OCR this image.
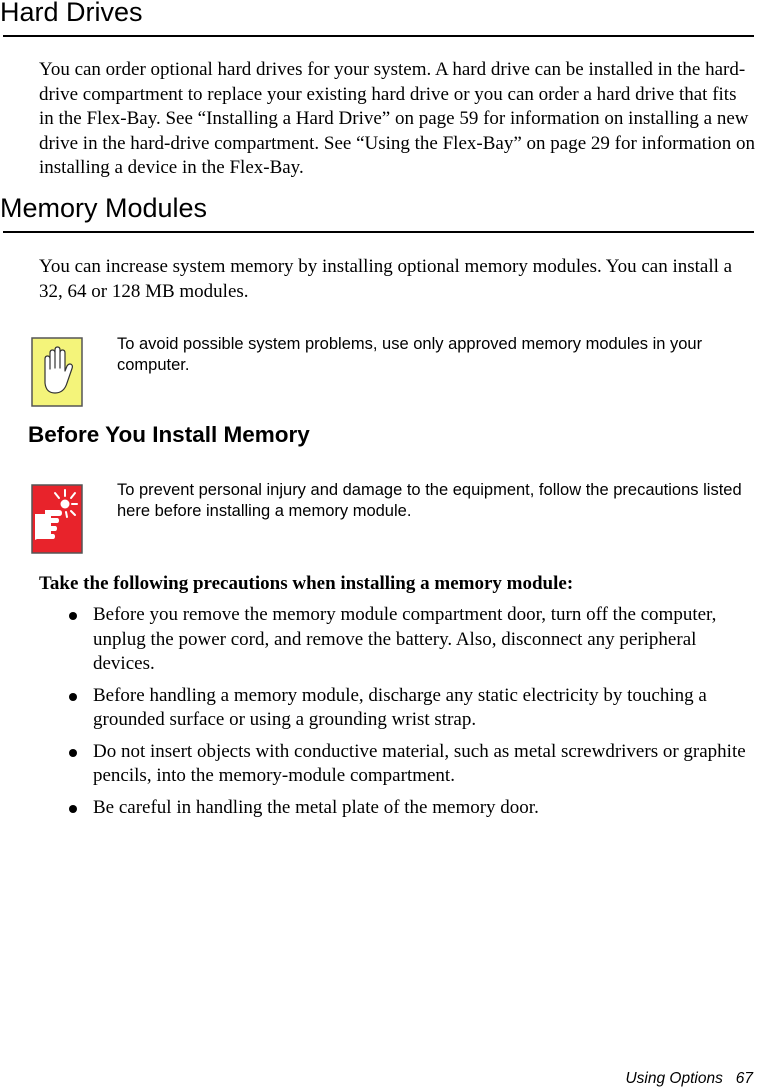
Hard Drives

You can order optional hard drives for your system. A hard drive can be installed in the hard-drive compartment to replace your existing hard drive or you can order a hard drive that fits in the Flex-Bay. See “Installing a Hard Drive” on page 59 for information on installing a new drive in the hard-drive compartment. See “Using the Flex-Bay” on page 29 for information on installing a device in the Flex-Bay.

Memory Modules

You can increase system memory by installing optional memory modules. You can install a 32, 64 or 128 MB modules.

To avoid possible system problems, use only approved memory modules in your computer.

Before You Install Memory

To prevent personal injury and damage to the equipment, follow the precautions listed here before installing a memory module.

Take the following precautions when installing a memory module:

Before you remove the memory module compartment door, turn off the computer, unplug the power cord, and remove the battery. Also, disconnect any peripheral devices.
Before handling a memory module, discharge any static electricity by touching a grounded surface or using a grounding wrist strap.
Do not insert objects with conductive material, such as metal screwdrivers or graphite pencils, into the memory-module compartment.
Be careful in handling the metal plate of the memory door.
Using Options 67
